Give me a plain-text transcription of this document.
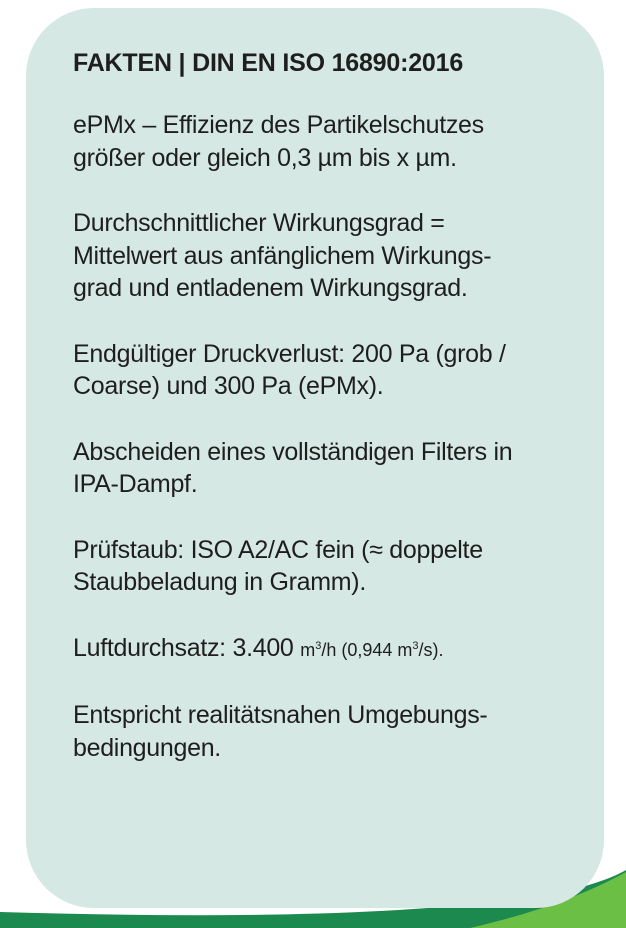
FAKTEN | DIN EN ISO 16890:2016
ePMx – Effizienz des Partikelschutzes
größer oder gleich 0,3 µm bis x µm.
Durchschnittlicher Wirkungsgrad =
Mittelwert aus anfänglichem Wirkungs-
grad und entladenem Wirkungsgrad.
Endgültiger Druckverlust: 200 Pa (grob /
Coarse) und 300 Pa (ePMx).
Abscheiden eines vollständigen Filters in
IPA-Dampf.
Prüfstaub: ISO A2/AC fein (≈ doppelte
Staubbeladung in Gramm).
Luftdurchsatz: 3.400 $m^3/h$ (0,944 $m^3/s$).
Entspricht realitätsnahen Umgebungs-
bedingungen.
